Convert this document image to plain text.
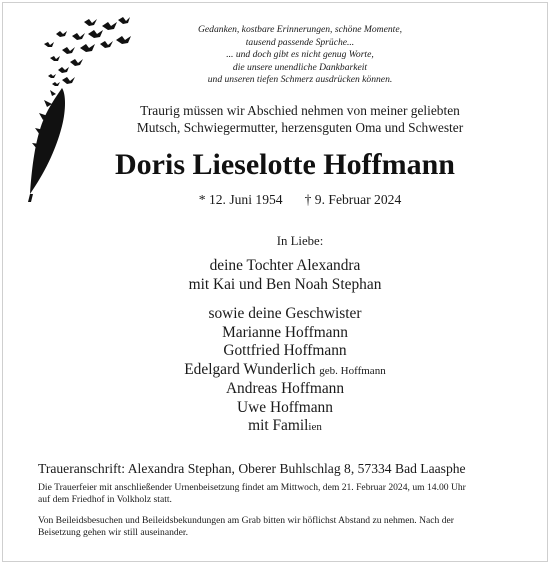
Gedanken, kostbare Erinnerungen, schöne Momente,
tausend passende Sprüche...
... und doch gibt es nicht genug Worte,
die unsere unendliche Dankbarkeit
und unseren tiefen Schmerz ausdrücken können.
Traurig müssen wir Abschied nehmen von meiner geliebten
Mutsch, Schwiegermutter, herzensguten Oma und Schwester
Doris Lieselotte Hoffmann
* 12. Juni 1954 † 9. Februar 2024
In Liebe:
deine Tochter Alexandra
mit Kai und Ben Noah Stephan
sowie deine Geschwister
Marianne Hoffmann
Gottfried Hoffmann
Edelgard Wunderlich geb. Hoffmann
Andreas Hoffmann
Uwe Hoffmann
mit Familien
Traueranschrift: Alexandra Stephan, Oberer Buhlschlag 8, 57334 Bad Laasphe
Die Trauerfeier mit anschließender Urnenbeisetzung findet am Mittwoch, dem 21. Februar 2024, um 14.00 Uhr
auf dem Friedhof in Volkholz statt.
Von Beileidsbesuchen und Beileidsbekundungen am Grab bitten wir höflichst Abstand zu nehmen. Nach der
Beisetzung gehen wir still auseinander.
